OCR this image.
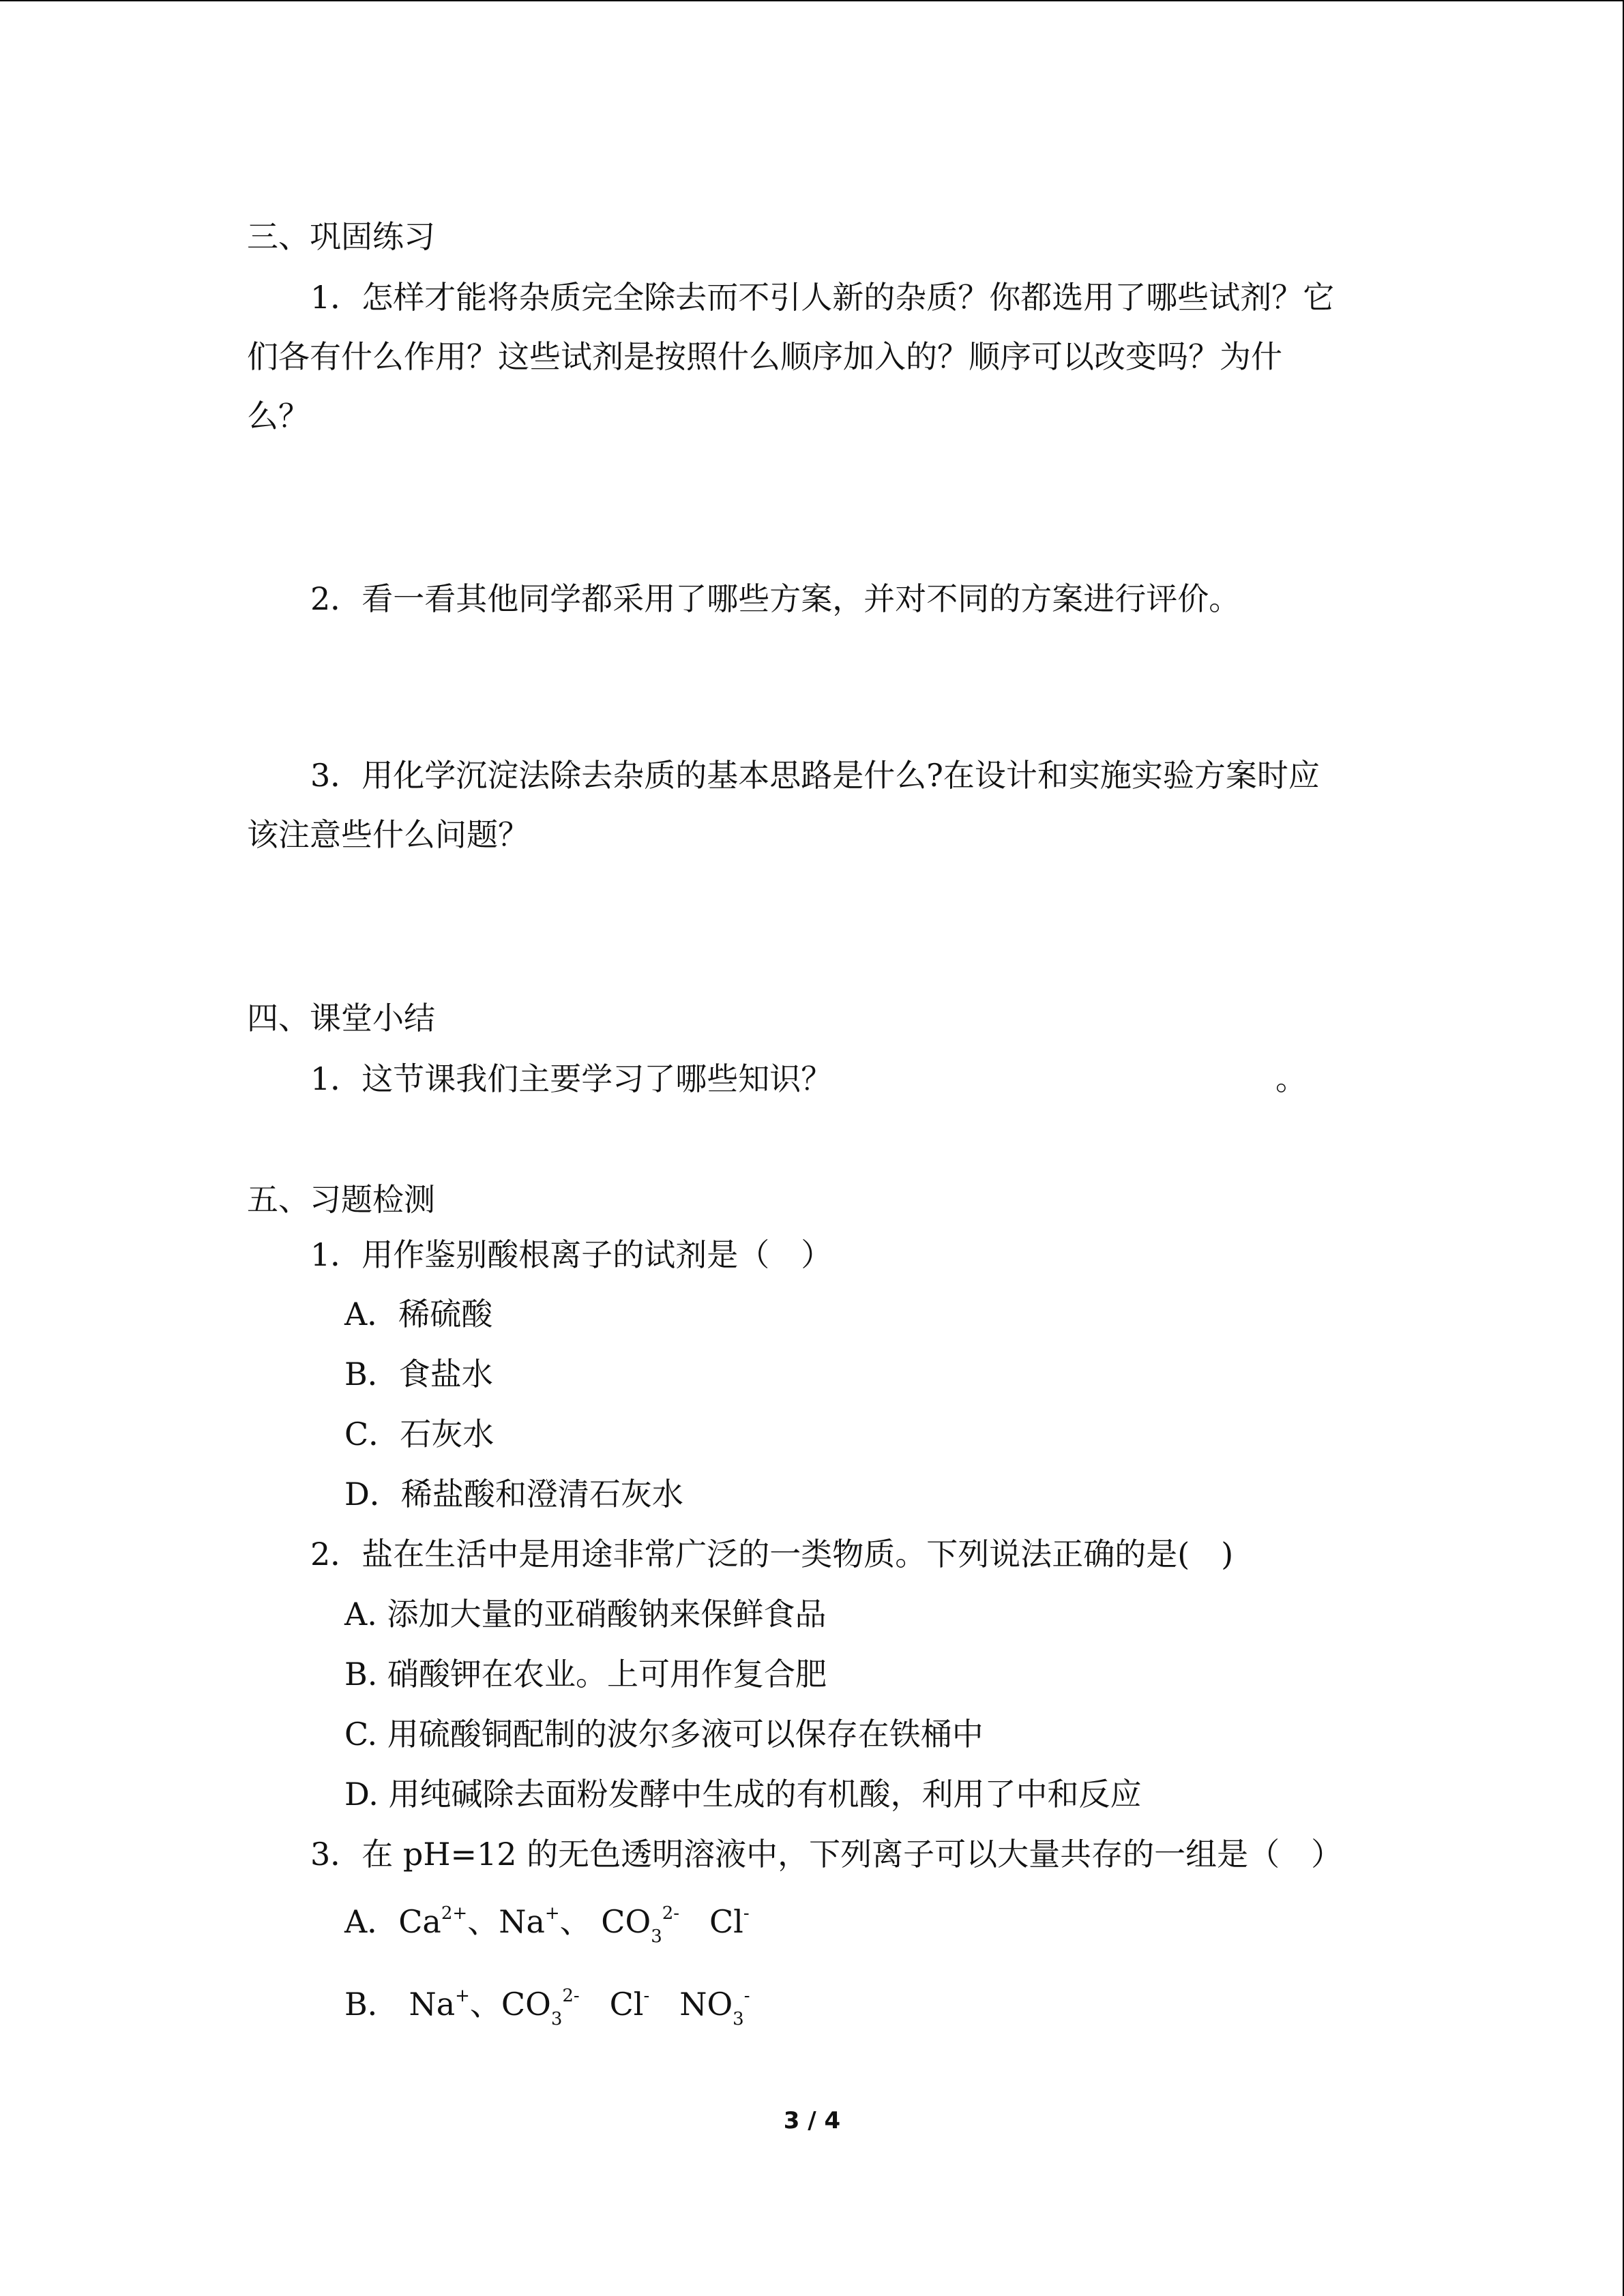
三、巩固练习
1．怎样才能将杂质完全除去而不引人新的杂质？你都选用了哪些试剂？它
们各有什么作用？这些试剂是按照什么顺序加入的？顺序可以改变吗？为什
么？
2．看一看其他同学都采用了哪些方案，并对不同的方案进行评价。
3．用化学沉淀法除去杂质的基本思路是什么?在设计和实施实验方案时应
该注意些什么问题？
四、课堂小结
1．这节课我们主要学习了哪些知识？	。
五、习题检测
1．用作鉴别酸根离子的试剂是（　）
A．稀硫酸
B．食盐水
C．石灰水
D．稀盐酸和澄清石灰水
2．盐在生活中是用途非常广泛的一类物质。下列说法正确的是(　)
A. 添加大量的亚硝酸钠来保鲜食品
B. 硝酸钾在农业。上可用作复合肥
C. 用硫酸铜配制的波尔多液可以保存在铁桶中
D. 用纯碱除去面粉发酵中生成的有机酸，利用了中和反应
3．在 pH=12 的无色透明溶液中，下列离子可以大量共存的一组是（　）
A．$Ca^{2+}$、Na+、 $CO_3^{2-}$ Cl-
B． Na+、$CO_3^{2-}$ Cl- $NO_3^-$
3 / 4
